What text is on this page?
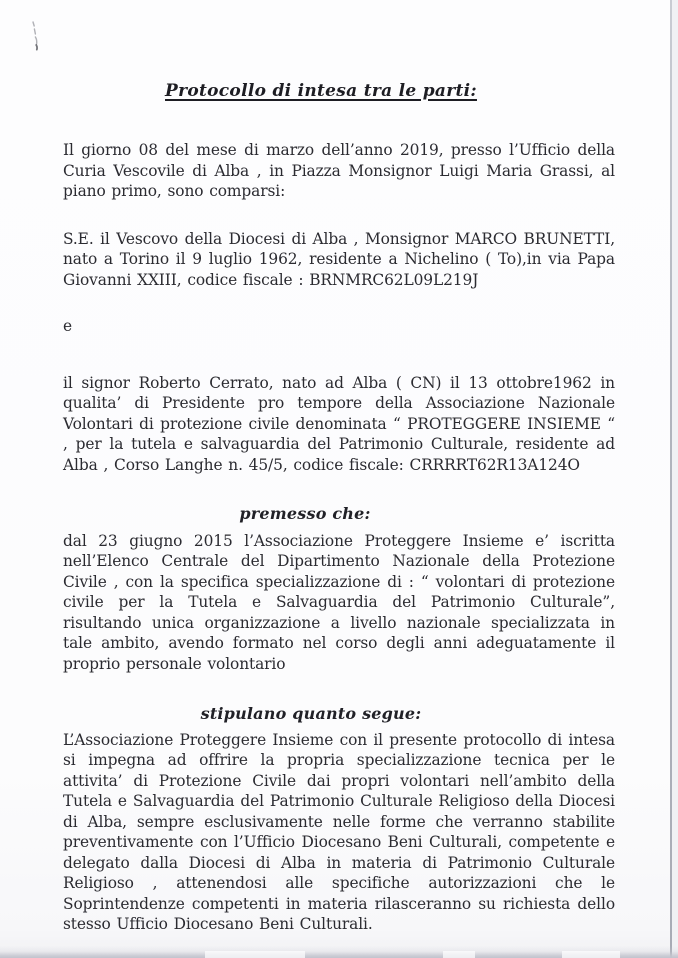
Protocollo di intesa tra le parti:

Il giorno 08 del mese di marzo dell’anno 2019, presso l’Ufficio della Curia Vescovile di Alba , in Piazza Monsignor Luigi Maria Grassi, al piano primo, sono comparsi:

S.E. il Vescovo della Diocesi di Alba , Monsignor MARCO BRUNETTI, nato a Torino il 9 luglio 1962, residente a Nichelino ( To),in via Papa Giovanni XXIII, codice fiscale : BRNMRC62L09L219J

e

il signor Roberto Cerrato, nato ad Alba ( CN) il 13 ottobre1962 in qualita’ di Presidente pro tempore della Associazione Nazionale Volontari di protezione civile denominata “ PROTEGGERE INSIEME “ , per la tutela e salvaguardia del Patrimonio Culturale, residente ad Alba , Corso Langhe n. 45/5, codice fiscale: CRRRRT62R13A124O

premesso che:

dal 23 giugno 2015 l’Associazione Proteggere Insieme e’ iscritta nell’Elenco Centrale del Dipartimento Nazionale della Protezione Civile , con la specifica specializzazione di : “ volontari di protezione civile per la Tutela e Salvaguardia del Patrimonio Culturale”, risultando unica organizzazione a livello nazionale specializzata in tale ambito, avendo formato nel corso degli anni adeguatamente il proprio personale volontario

stipulano quanto segue:

L’Associazione Proteggere Insieme con il presente protocollo di intesa si impegna ad offrire la propria specializzazione tecnica per le attivita’ di Protezione Civile dai propri volontari nell’ambito della Tutela e Salvaguardia del Patrimonio Culturale Religioso della Diocesi di Alba, sempre esclusivamente nelle forme che verranno stabilite preventivamente con l’Ufficio Diocesano Beni Culturali, competente e delegato dalla Diocesi di Alba in materia di Patrimonio Culturale Religioso , attenendosi alle specifiche autorizzazioni che le Soprintendenze competenti in materia rilasceranno su richiesta dello stesso Ufficio Diocesano Beni Culturali.
